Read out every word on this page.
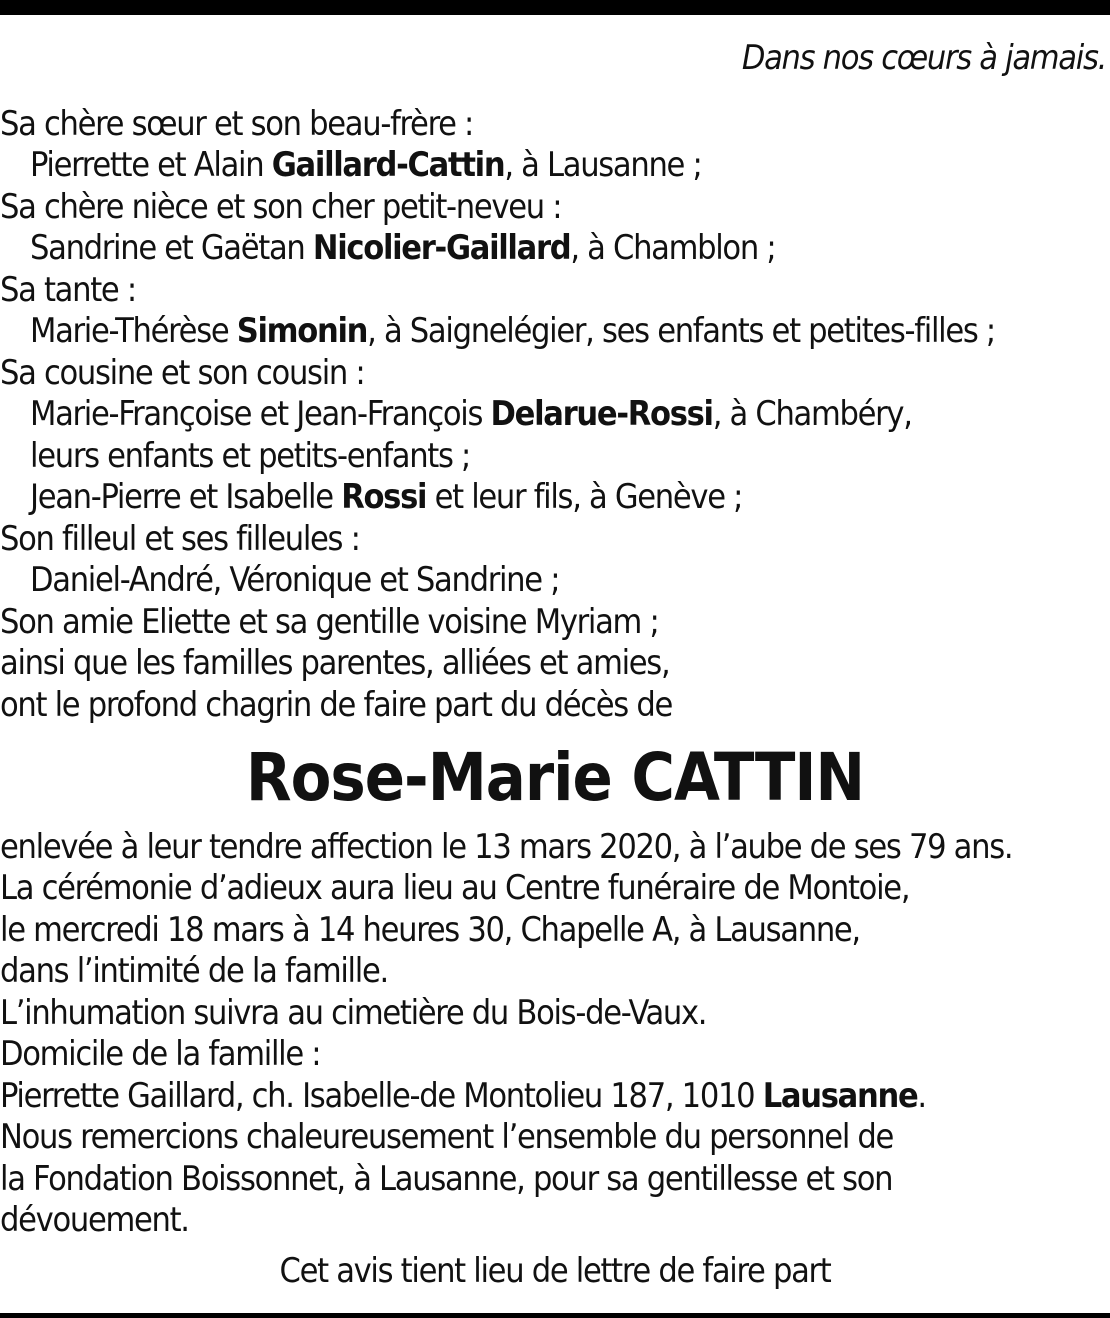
Dans nos cœurs à jamais.
Sa chère sœur et son beau-frère :
Pierrette et Alain Gaillard-Cattin, à Lausanne ;
Sa chère nièce et son cher petit-neveu :
Sandrine et Gaëtan Nicolier-Gaillard, à Chamblon ;
Sa tante :
Marie-Thérèse Simonin, à Saignelégier, ses enfants et petites-filles ;
Sa cousine et son cousin :
Marie-Françoise et Jean-François Delarue-Rossi, à Chambéry,
leurs enfants et petits-enfants ;
Jean-Pierre et Isabelle Rossi et leur fils, à Genève ;
Son filleul et ses filleules :
Daniel-André, Véronique et Sandrine ;
Son amie Eliette et sa gentille voisine Myriam ;
ainsi que les familles parentes, alliées et amies,
ont le profond chagrin de faire part du décès de
Rose-Marie CATTIN
enlevée à leur tendre affection le 13 mars 2020, à l’aube de ses 79 ans.
La cérémonie d’adieux aura lieu au Centre funéraire de Montoie,
le mercredi 18 mars à 14 heures 30, Chapelle A, à Lausanne,
dans l’intimité de la famille.
L’inhumation suivra au cimetière du Bois-de-Vaux.
Domicile de la famille :
Pierrette Gaillard, ch. Isabelle-de Montolieu 187, 1010 Lausanne.
Nous remercions chaleureusement l’ensemble du personnel de
la Fondation Boissonnet, à Lausanne, pour sa gentillesse et son
dévouement.
Cet avis tient lieu de lettre de faire part
